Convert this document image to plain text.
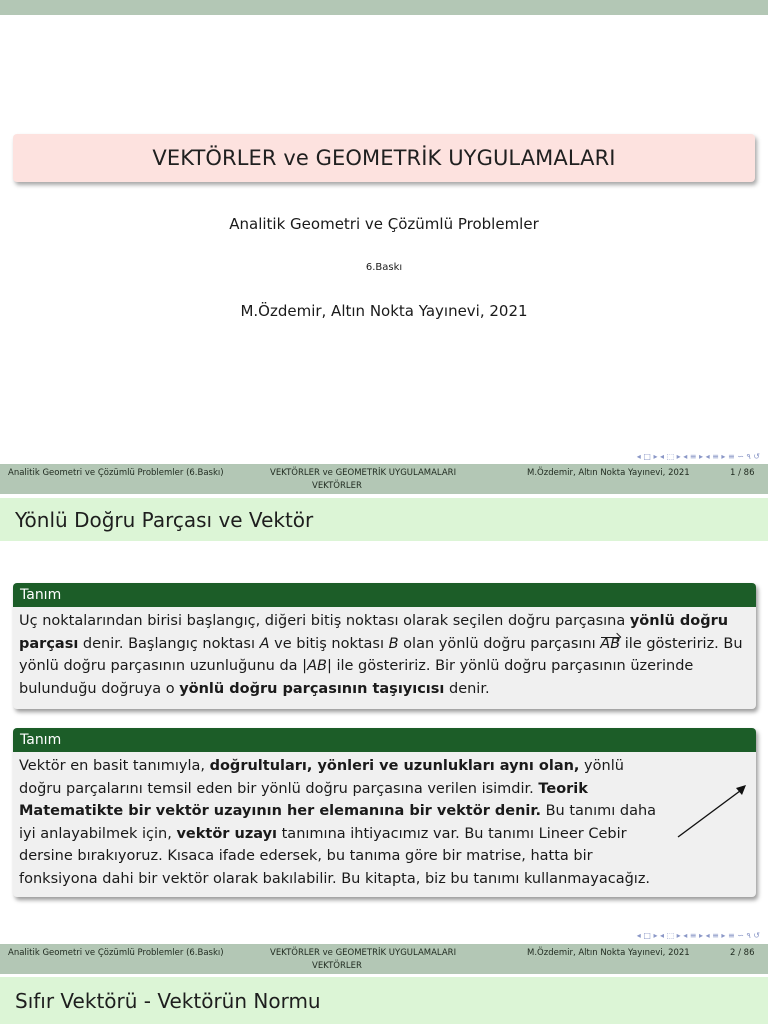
VEKTÖRLER ve GEOMETRİK UYGULAMALARI
Analitik Geometri ve Çözümlü Problemler
6.Baskı
M.Özdemir, Altın Nokta Yayınevi, 2021
◂ □ ▸ ◂ ⬚ ▸ ◂ ≡ ▸ ◂ ≡ ▸ ≡ ∽ ۹ ↺
Analitik Geometri ve Çözümlü Problemler (6.Baskı)	VEKTÖRLER ve GEOMETRİK UYGULAMALARI	M.Özdemir, Altın Nokta Yayınevi, 2021	1 / 86
VEKTÖRLER
Yönlü Doğru Parçası ve Vektör
Tanım
Uç noktalarından birisi başlangıç, diğeri bitiş noktası olarak seçilen doğru parçasına yönlü doğru parçası denir. Başlangıç noktası A ve bitiş noktası B olan yönlü doğru parçasını AB ile gösteririz. Bu yönlü doğru parçasının uzunluğunu da |AB| ile gösteririz. Bir yönlü doğru parçasının üzerinde bulunduğu doğruya o yönlü doğru parçasının taşıyıcısı denir.
Tanım
Vektör en basit tanımıyla, doğrultuları, yönleri ve uzunlukları aynı olan, yönlü doğru parçalarını temsil eden bir yönlü doğru parçasına verilen isimdir. Teorik Matematikte bir vektör uzayının her elemanına bir vektör denir. Bu tanımı daha iyi anlayabilmek için, vektör uzayı tanımına ihtiyacımız var. Bu tanımı Lineer Cebir dersine bırakıyoruz. Kısaca ifade edersek, bu tanıma göre bir matrise, hatta bir fonksiyona dahi bir vektör olarak bakılabilir. Bu kitapta, biz bu tanımı kullanmayacağız.
◂ □ ▸ ◂ ⬚ ▸ ◂ ≡ ▸ ◂ ≡ ▸ ≡ ∽ ۹ ↺
Analitik Geometri ve Çözümlü Problemler (6.Baskı)	VEKTÖRLER ve GEOMETRİK UYGULAMALARI	M.Özdemir, Altın Nokta Yayınevi, 2021	2 / 86
VEKTÖRLER
Sıfır Vektörü - Vektörün Normu
